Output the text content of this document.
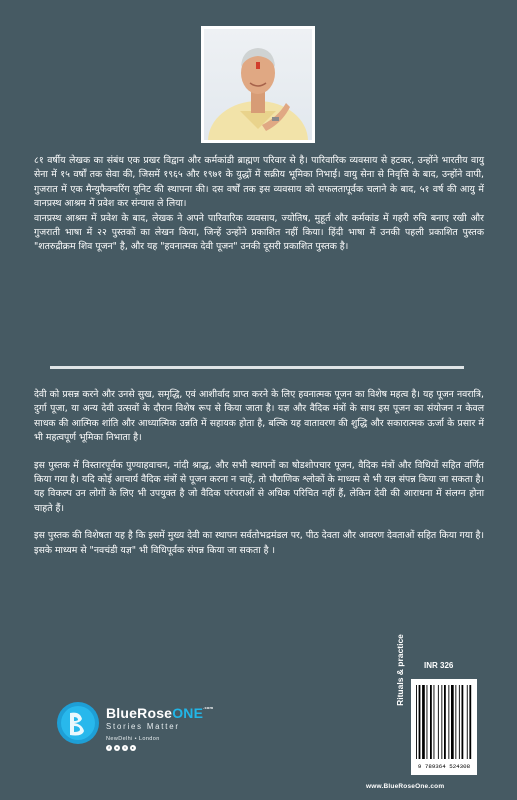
८१ वर्षीय लेखक का संबंध एक प्रखर विद्वान और कर्मकांडी ब्राह्मण परिवार से है। पारिवारिक व्यवसाय से हटकर, उन्होंने भारतीय वायु सेना में १५ वर्षों तक सेवा की, जिसमें १९६५ और १९७१ के युद्धों में सक्रीय भूमिका निभाई। वायु सेना से निवृत्ति के बाद, उन्होंने वापी, गुजरात में एक मैन्युफैक्चरिंग यूनिट की स्थापना की। दस वर्षों तक इस व्यवसाय को सफलतापूर्वक चलाने के बाद, ५१ वर्ष की आयु में वानप्रस्थ आश्रम में प्रवेश कर संन्यास ले लिया।

वानप्रस्थ आश्रम में प्रवेश के बाद, लेखक ने अपने पारिवारिक व्यवसाय, ज्योतिष, मुहूर्त और कर्मकांड में गहरी रुचि बनाए रखी और गुजराती भाषा में २२ पुस्तकों का लेखन किया, जिन्हें उन्होंने प्रकाशित नहीं किया। हिंदी भाषा में उनकी पहली प्रकाशित पुस्तक "शतरुद्रीक्रम शिव पूजन" है, और यह "हवनात्मक देवी पूजन" उनकी दूसरी प्रकाशित पुस्तक है।

देवी को प्रसन्न करने और उनसे सुख, समृद्धि, एवं आशीर्वाद प्राप्त करने के लिए हवनात्मक पूजन का विशेष महत्व है। यह पूजन नवरात्रि, दुर्गा पूजा, या अन्य देवी उत्सवों के दौरान विशेष रूप से किया जाता है। यज्ञ और वैदिक मंत्रों के साथ इस पूजन का संयोजन न केवल साधक की आत्मिक शांति और आध्यात्मिक उन्नति में सहायक होता है, बल्कि यह वातावरण की शुद्धि और सकारात्मक ऊर्जा के प्रसार में भी महत्वपूर्ण भूमिका निभाता है।

इस पुस्तक में विस्तारपूर्वक पुण्याहवाचन, नांदी श्राद्ध, और सभी स्थापनों का षोडशोपचार पूजन, वैदिक मंत्रों और विधियों सहित वर्णित किया गया है। यदि कोई आचार्य वैदिक मंत्रों से पूजन करना न चाहें, तो पौराणिक श्लोकों के माध्यम से भी यज्ञ संपन्न किया जा सकता है। यह विकल्प उन लोगों के लिए भी उपयुक्त है जो वैदिक परंपराओं से अधिक परिचित नहीं हैं, लेकिन देवी की आराधना में संलग्न होना चाहते हैं।

इस पुस्तक की विशेषता यह है कि इसमें मुख्य देवी का स्थापन सर्वतोभद्रमंडल पर, पीठ देवता और आवरण देवताओं सहित किया गया है। इसके माध्यम से "नवचंडी यज्ञ" भी विधिपूर्वक संपन्न किया जा सकता है ।

BlueRoseONE$^{.com}$
Stories Matter
NewDelhi • London
f	o	t	▸
INR 326
Rituals & practice
9 789364 524308
www.BlueRoseOne.com
